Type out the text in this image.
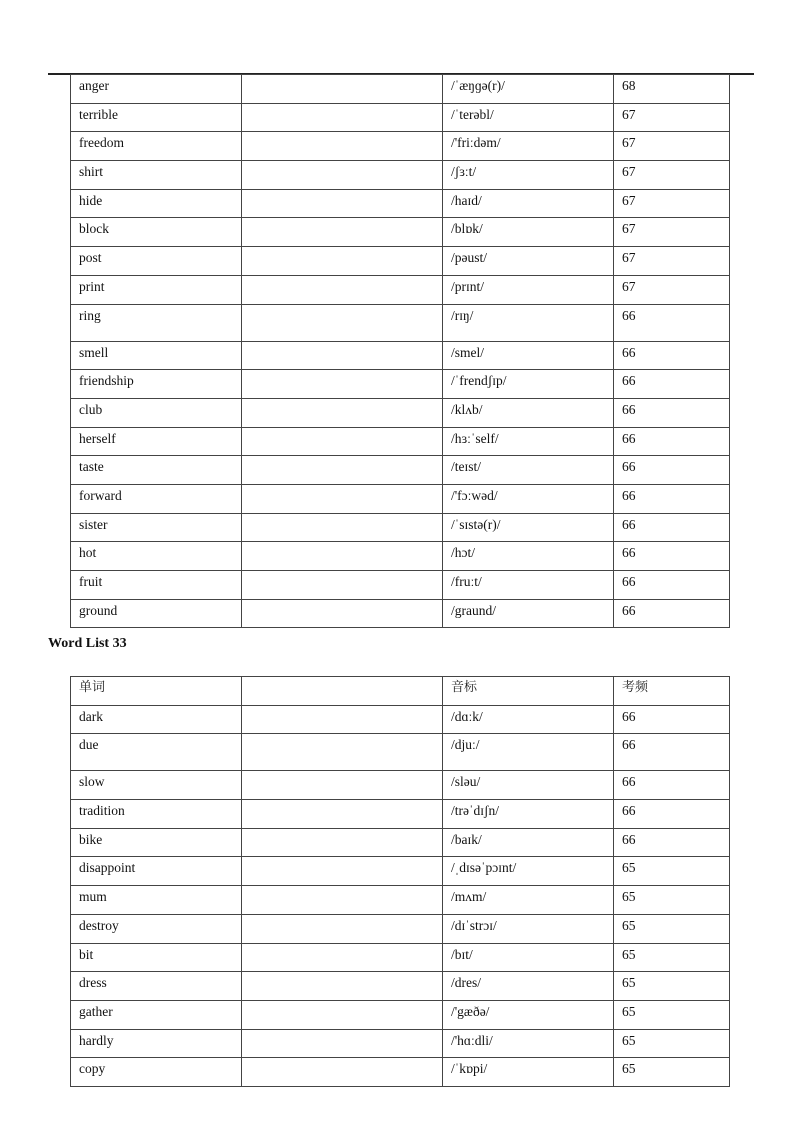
anger		/ˈæŋɡə(r)/	68
terrible		/ˈterəbl/	67
freedom		/'friːdəm/	67
shirt		/ʃɜːt/	67
hide		/haɪd/	67
block		/blɒk/	67
post		/pəust/	67
print		/prɪnt/	67
ring		/rɪŋ/	66
smell		/smel/	66
friendship		/ˈfrendʃɪp/	66
club		/klʌb/	66
herself		/hɜːˈself/	66
taste		/teɪst/	66
forward		/'fɔːwəd/	66
sister		/ˈsɪstə(r)/	66
hot		/hɔt/	66
fruit		/fruːt/	66
ground		/graund/	66
Word List 33
单词		音标	考频
dark		/dɑːk/	66
due		/djuː/	66
slow		/sləu/	66
tradition		/trəˈdɪʃn/	66
bike		/baɪk/	66
disappoint		/ˌdɪsəˈpɔɪnt/	65
mum		/mʌm/	65
destroy		/dɪˈstrɔɪ/	65
bit		/bɪt/	65
dress		/dres/	65
gather		/'gæðə/	65
hardly		/'hɑːdli/	65
copy		/ˈkɒpi/	65
